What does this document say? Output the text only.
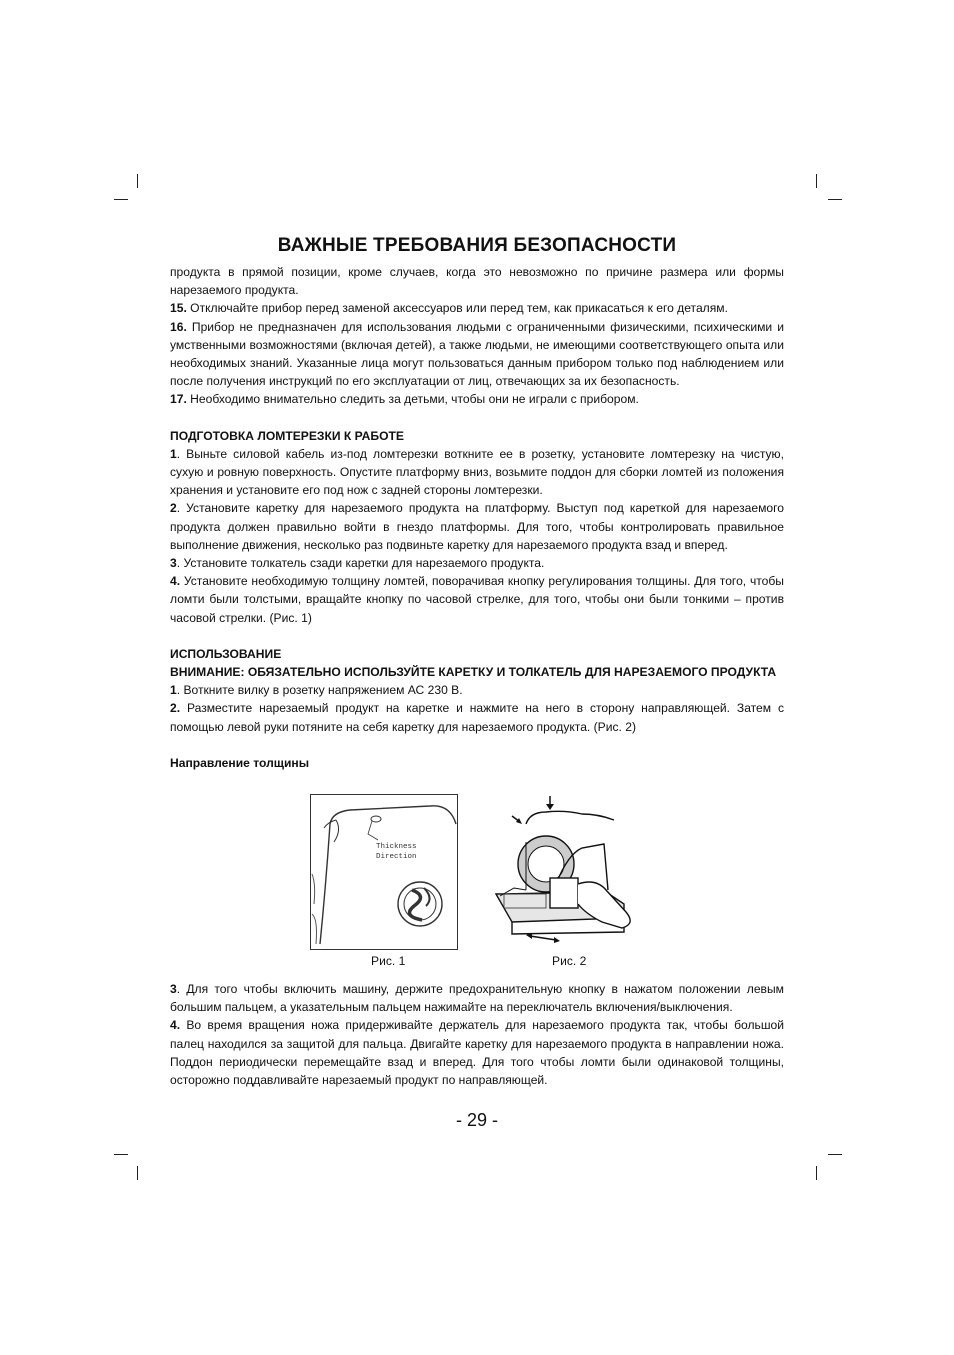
ВАЖНЫЕ ТРЕБОВАНИЯ БЕЗОПАСНОСТИ

продукта в прямой позиции, кроме случаев, когда это невозможно по причине размера или формы нарезаемого продукта.

15. Отключайте прибор перед заменой аксессуаров или перед тем, как прикасаться к его деталям.

16. Прибор не предназначен для использования людьми с ограниченными физическими, психическими и умственными возможностями (включая детей), а также людьми, не имеющими соответствующего опыта или необходимых знаний. Указанные лица могут пользоваться данным прибором только под наблюдением или после получения инструкций по его эксплуатации от лиц, отвечающих за их безопасность.

17. Необходимо внимательно следить за детьми, чтобы они не играли с прибором.

ПОДГОТОВКА ЛОМТЕРЕЗКИ К РАБОТЕ

1. Выньте силовой кабель из-под ломтерезки воткните ее в розетку, установите ломтерезку на чистую, сухую и ровную поверхность. Опустите платформу вниз, возьмите поддон для сборки ломтей из положения хранения и установите его под нож с задней стороны ломтерезки.

2. Установите каретку для нарезаемого продукта на платформу. Выступ под кареткой для нарезаемого продукта должен правильно войти в гнездо платформы. Для того, чтобы контролировать правильное выполнение движения, несколько раз подвиньте каретку для нарезаемого продукта взад и вперед.

3. Установите толкатель сзади каретки для нарезаемого продукта.

4. Установите необходимую толщину ломтей, поворачивая кнопку регулирования толщины. Для того, чтобы ломти были толстыми, вращайте кнопку по часовой стрелке, для того, чтобы они были тонкими – против часовой стрелки. (Рис. 1)

ИСПОЛЬЗОВАНИЕ
ВНИМАНИЕ: ОБЯЗАТЕЛЬНО ИСПОЛЬЗУЙТЕ КАРЕТКУ И ТОЛКАТЕЛЬ ДЛЯ НАРЕЗАЕМОГО ПРОДУКТА

1. Воткните вилку в розетку напряжением АС 230 В.

2. Разместите нарезаемый продукт на каретке и нажмите на него в сторону направляющей. Затем с помощью левой руки потяните на себя каретку для нарезаемого продукта. (Рис. 2)

Направление толщины
Thickness
Direction
Рис. 1	Рис. 2

3. Для того чтобы включить машину, держите предохранительную кнопку в нажатом положении левым большим пальцем, а указательным пальцем нажимайте на переключатель включения/выключения.

4. Во время вращения ножа придерживайте держатель для нарезаемого продукта так, чтобы большой палец находился за защитой для пальца. Двигайте каретку для нарезаемого продукта в направлении ножа. Поддон периодически перемещайте взад и вперед. Для того чтобы ломти были одинаковой толщины, осторожно поддавливайте нарезаемый продукт по направляющей.

- 29 -
